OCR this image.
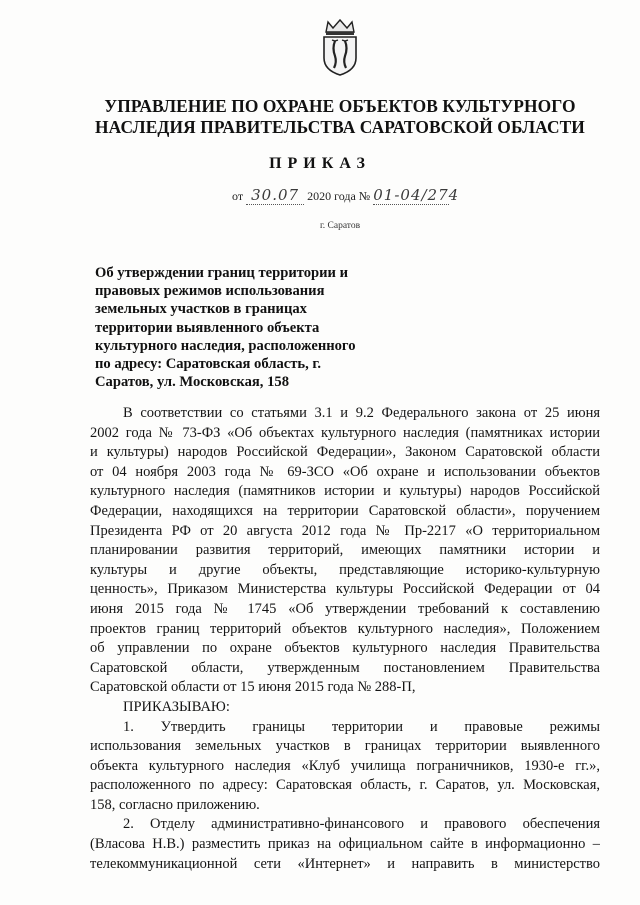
УПРАВЛЕНИЕ ПО ОХРАНЕ ОБЪЕКТОВ КУЛЬТУРНОГО
НАСЛЕДИЯ ПРАВИТЕЛЬСТВА САРАТОВСКОЙ ОБЛАСТИ
ПРИКАЗ
от 30.07 2020 года № 01-04/274
г. Саратов
Об утверждении границ территории и
правовых режимов использования
земельных участков в границах
территории выявленного объекта
культурного наследия, расположенного
по адресу: Саратовская область, г.
Саратов, ул. Московская, 158
В соответствии со статьями 3.1 и 9.2 Федерального закона от 25 июня
2002 года № 73-ФЗ «Об объектах культурного наследия (памятниках истории
и культуры) народов Российской Федерации», Законом Саратовской области
от 04 ноября 2003 года № 69-ЗСО «Об охране и использовании объектов
культурного наследия (памятников истории и культуры) народов Российской
Федерации, находящихся на территории Саратовской области», поручением
Президента РФ от 20 августа 2012 года № Пр-2217 «О территориальном
планировании развития территорий, имеющих памятники истории и
культуры и другие объекты, представляющие историко-культурную
ценность», Приказом Министерства культуры Российской Федерации от 04
июня 2015 года № 1745 «Об утверждении требований к составлению
проектов границ территорий объектов культурного наследия», Положением
об управлении по охране объектов культурного наследия Правительства
Саратовской области, утвержденным постановлением Правительства
Саратовской области от 15 июня 2015 года № 288-П,
ПРИКАЗЫВАЮ:
1. Утвердить границы территории и правовые режимы
использования земельных участков в границах территории выявленного
объекта культурного наследия «Клуб училища пограничников, 1930-е гг.»,
расположенного по адресу: Саратовская область, г. Саратов, ул. Московская,
158, согласно приложению.
2. Отделу административно-финансового и правового обеспечения
(Власова Н.В.) разместить приказ на официальном сайте в информационно –
телекоммуникационной сети «Интернет» и направить в министерство
